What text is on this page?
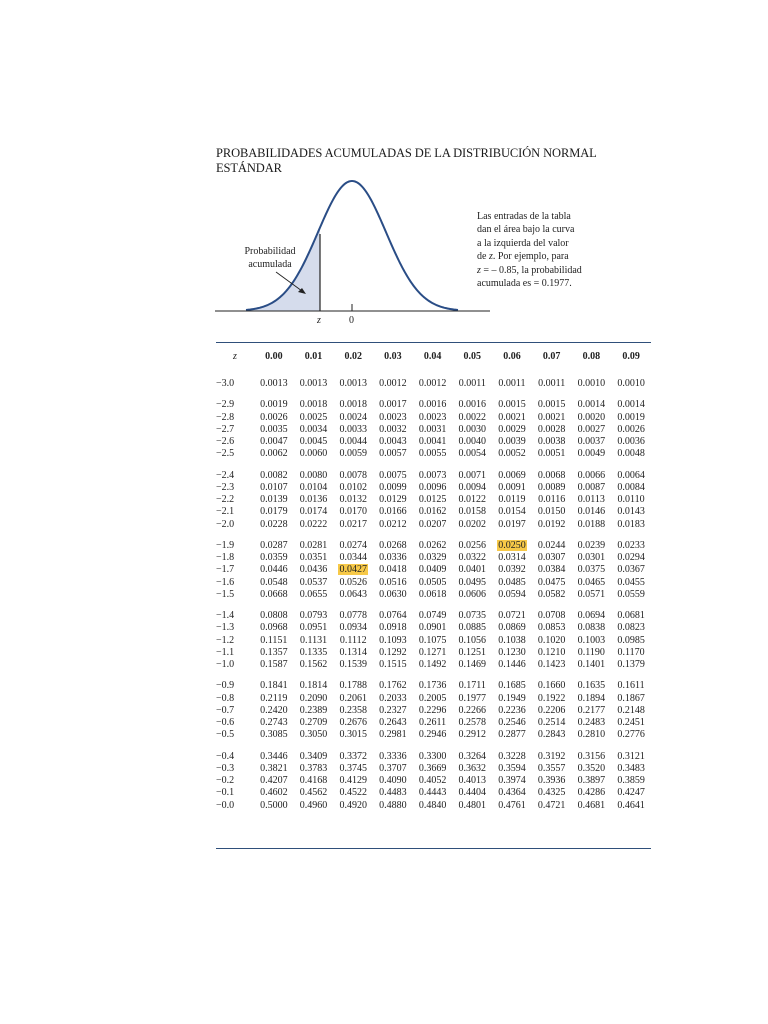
PROBABILIDADES ACUMULADAS DE LA DISTRIBUCIÓN NORMAL ESTÁNDAR
Probabilidad
acumulada
z	0
Las entradas de la tabla
dan el área bajo la curva
a la izquierda del valor
de z. Por ejemplo, para
z = – 0.85, la probabilidad
acumulada es = 0.1977.
z	0.00	0.01	0.02	0.03	0.04	0.05	0.06	0.07	0.08	0.09

−3.0	0.0013	0.0013	0.0013	0.0012	0.0012	0.0011	0.0011	0.0011	0.0010	0.0010

−2.9	0.0019	0.0018	0.0018	0.0017	0.0016	0.0016	0.0015	0.0015	0.0014	0.0014
−2.8	0.0026	0.0025	0.0024	0.0023	0.0023	0.0022	0.0021	0.0021	0.0020	0.0019
−2.7	0.0035	0.0034	0.0033	0.0032	0.0031	0.0030	0.0029	0.0028	0.0027	0.0026
−2.6	0.0047	0.0045	0.0044	0.0043	0.0041	0.0040	0.0039	0.0038	0.0037	0.0036
−2.5	0.0062	0.0060	0.0059	0.0057	0.0055	0.0054	0.0052	0.0051	0.0049	0.0048

−2.4	0.0082	0.0080	0.0078	0.0075	0.0073	0.0071	0.0069	0.0068	0.0066	0.0064
−2.3	0.0107	0.0104	0.0102	0.0099	0.0096	0.0094	0.0091	0.0089	0.0087	0.0084
−2.2	0.0139	0.0136	0.0132	0.0129	0.0125	0.0122	0.0119	0.0116	0.0113	0.0110
−2.1	0.0179	0.0174	0.0170	0.0166	0.0162	0.0158	0.0154	0.0150	0.0146	0.0143
−2.0	0.0228	0.0222	0.0217	0.0212	0.0207	0.0202	0.0197	0.0192	0.0188	0.0183

−1.9	0.0287	0.0281	0.0274	0.0268	0.0262	0.0256	0.0250	0.0244	0.0239	0.0233
−1.8	0.0359	0.0351	0.0344	0.0336	0.0329	0.0322	0.0314	0.0307	0.0301	0.0294
−1.7	0.0446	0.0436	0.0427	0.0418	0.0409	0.0401	0.0392	0.0384	0.0375	0.0367
−1.6	0.0548	0.0537	0.0526	0.0516	0.0505	0.0495	0.0485	0.0475	0.0465	0.0455
−1.5	0.0668	0.0655	0.0643	0.0630	0.0618	0.0606	0.0594	0.0582	0.0571	0.0559

−1.4	0.0808	0.0793	0.0778	0.0764	0.0749	0.0735	0.0721	0.0708	0.0694	0.0681
−1.3	0.0968	0.0951	0.0934	0.0918	0.0901	0.0885	0.0869	0.0853	0.0838	0.0823
−1.2	0.1151	0.1131	0.1112	0.1093	0.1075	0.1056	0.1038	0.1020	0.1003	0.0985
−1.1	0.1357	0.1335	0.1314	0.1292	0.1271	0.1251	0.1230	0.1210	0.1190	0.1170
−1.0	0.1587	0.1562	0.1539	0.1515	0.1492	0.1469	0.1446	0.1423	0.1401	0.1379

−0.9	0.1841	0.1814	0.1788	0.1762	0.1736	0.1711	0.1685	0.1660	0.1635	0.1611
−0.8	0.2119	0.2090	0.2061	0.2033	0.2005	0.1977	0.1949	0.1922	0.1894	0.1867
−0.7	0.2420	0.2389	0.2358	0.2327	0.2296	0.2266	0.2236	0.2206	0.2177	0.2148
−0.6	0.2743	0.2709	0.2676	0.2643	0.2611	0.2578	0.2546	0.2514	0.2483	0.2451
−0.5	0.3085	0.3050	0.3015	0.2981	0.2946	0.2912	0.2877	0.2843	0.2810	0.2776

−0.4	0.3446	0.3409	0.3372	0.3336	0.3300	0.3264	0.3228	0.3192	0.3156	0.3121
−0.3	0.3821	0.3783	0.3745	0.3707	0.3669	0.3632	0.3594	0.3557	0.3520	0.3483
−0.2	0.4207	0.4168	0.4129	0.4090	0.4052	0.4013	0.3974	0.3936	0.3897	0.3859
−0.1	0.4602	0.4562	0.4522	0.4483	0.4443	0.4404	0.4364	0.4325	0.4286	0.4247
−0.0	0.5000	0.4960	0.4920	0.4880	0.4840	0.4801	0.4761	0.4721	0.4681	0.4641
